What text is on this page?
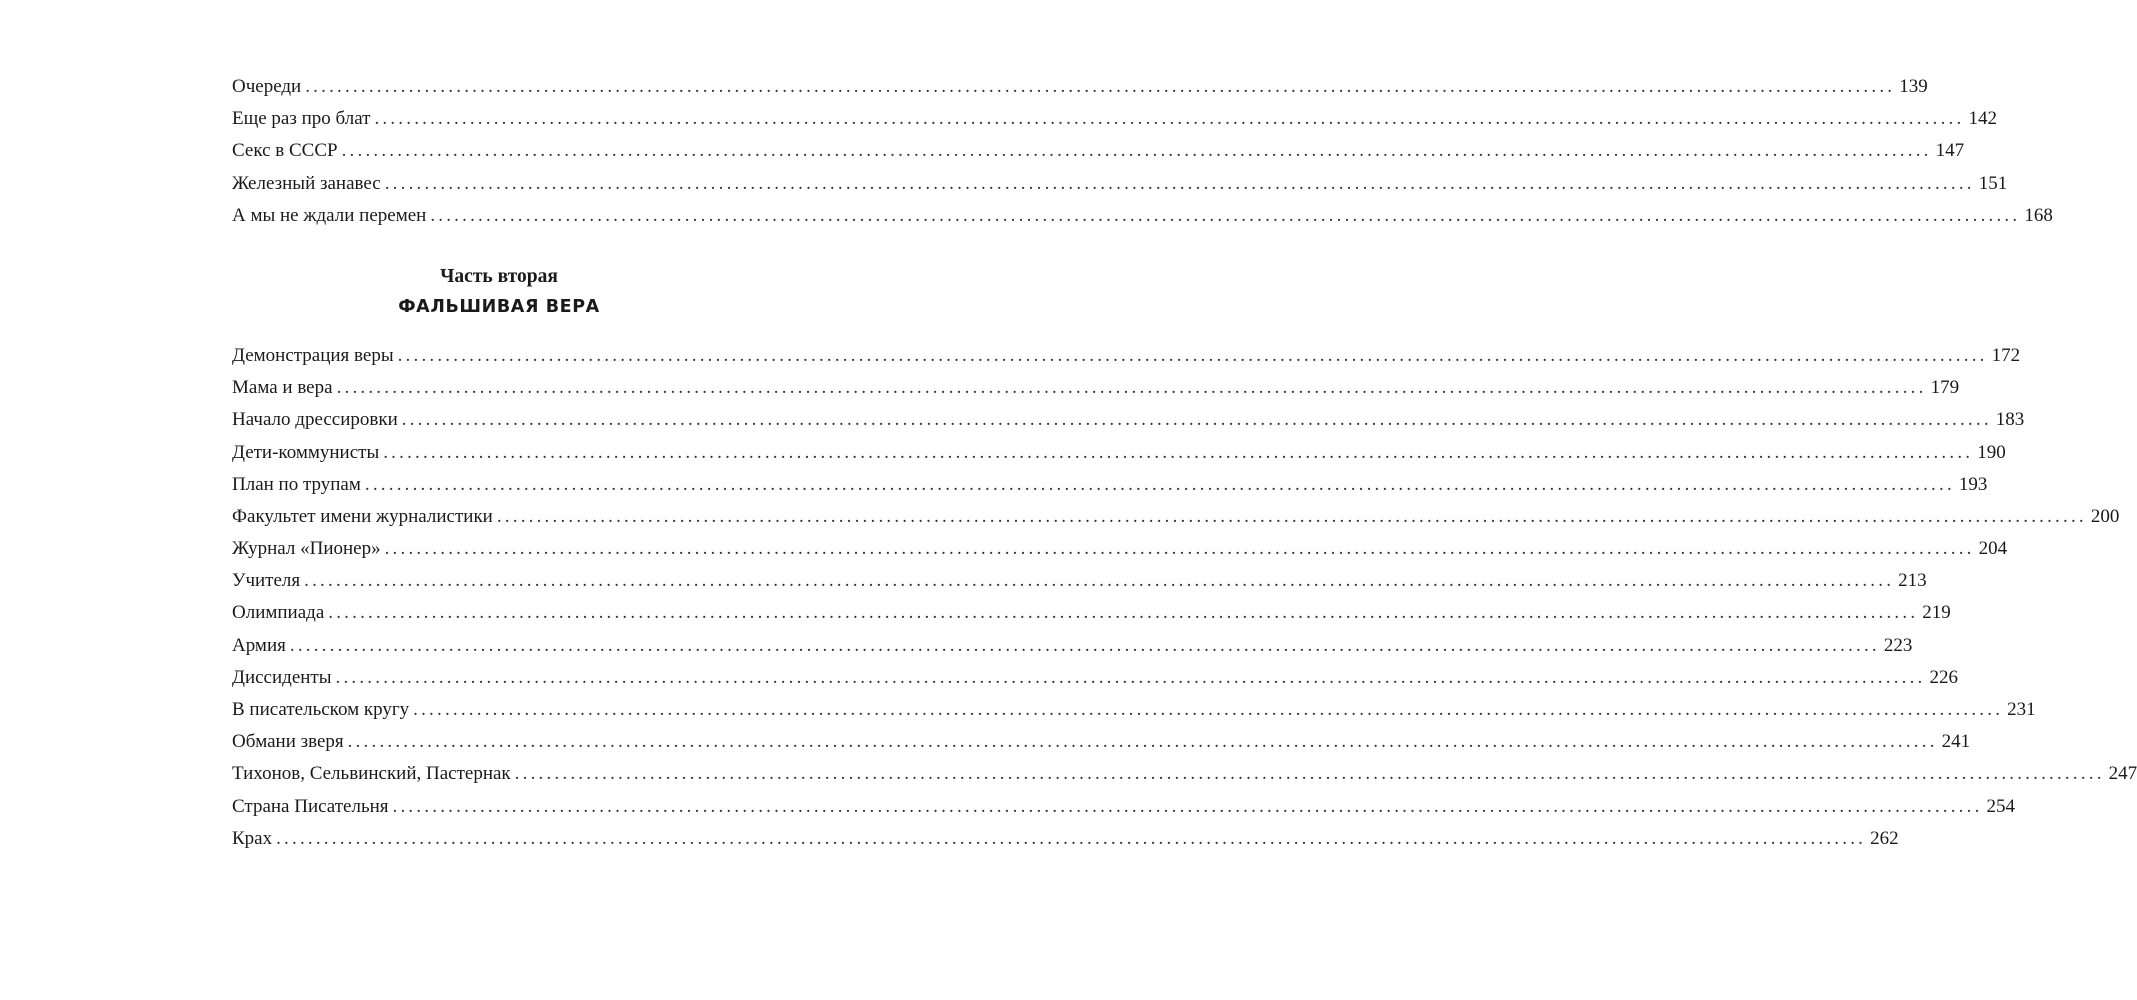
Очереди ........................................................................................................................................................................................................ 139
Еще раз про блат ........................................................................................................................................................................................................ 142
Секс в СССР ........................................................................................................................................................................................................ 147
Железный занавес ........................................................................................................................................................................................................ 151
А мы не ждали перемен ........................................................................................................................................................................................................ 168
Часть вторая
ФАЛЬШИВАЯ ВЕРА
Демонстрация веры ........................................................................................................................................................................................................ 172
Мама и вера ........................................................................................................................................................................................................ 179
Начало дрессировки ........................................................................................................................................................................................................ 183
Дети-коммунисты ........................................................................................................................................................................................................ 190
План по трупам ........................................................................................................................................................................................................ 193
Факультет имени журналистики ........................................................................................................................................................................................................ 200
Журнал «Пионер» ........................................................................................................................................................................................................ 204
Учителя ........................................................................................................................................................................................................ 213
Олимпиада ........................................................................................................................................................................................................ 219
Армия ........................................................................................................................................................................................................ 223
Диссиденты ........................................................................................................................................................................................................ 226
В писательском кругу ........................................................................................................................................................................................................ 231
Обмани зверя ........................................................................................................................................................................................................ 241
Тихонов, Сельвинский, Пастернак ........................................................................................................................................................................................................ 247
Страна Писательня ........................................................................................................................................................................................................ 254
Крах ........................................................................................................................................................................................................ 262
